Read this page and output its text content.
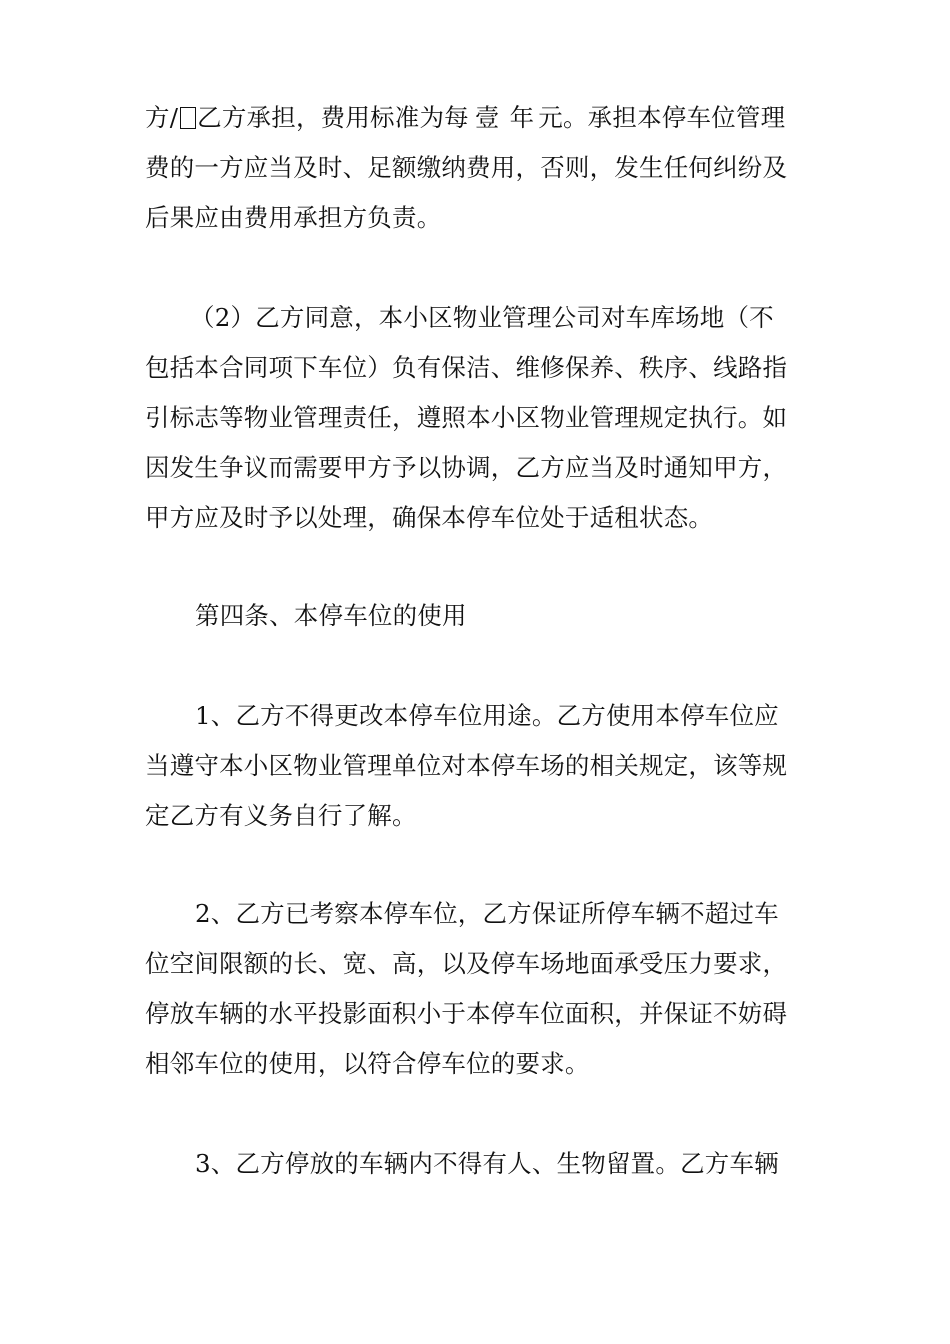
方/ 乙方承担，费用标准为每 壹 年 元。承担本停车位管理
费的一方应当及时、足额缴纳费用，否则，发生任何纠纷及
后果应由费用承担方负责。
（2）乙方同意，本小区物业管理公司对车库场地（不
包括本合同项下车位）负有保洁、维修保养、秩序、线路指
引标志等物业管理责任，遵照本小区物业管理规定执行。如
因发生争议而需要甲方予以协调，乙方应当及时通知甲方，
甲方应及时予以处理，确保本停车位处于适租状态。
第四条、本停车位的使用
1、乙方不得更改本停车位用途。乙方使用本停车位应
当遵守本小区物业管理单位对本停车场的相关规定，该等规
定乙方有义务自行了解。
2、乙方已考察本停车位，乙方保证所停车辆不超过车
位空间限额的长、宽、高，以及停车场地面承受压力要求，
停放车辆的水平投影面积小于本停车位面积，并保证不妨碍
相邻车位的使用，以符合停车位的要求。
3、乙方停放的车辆内不得有人、生物留置。乙方车辆
